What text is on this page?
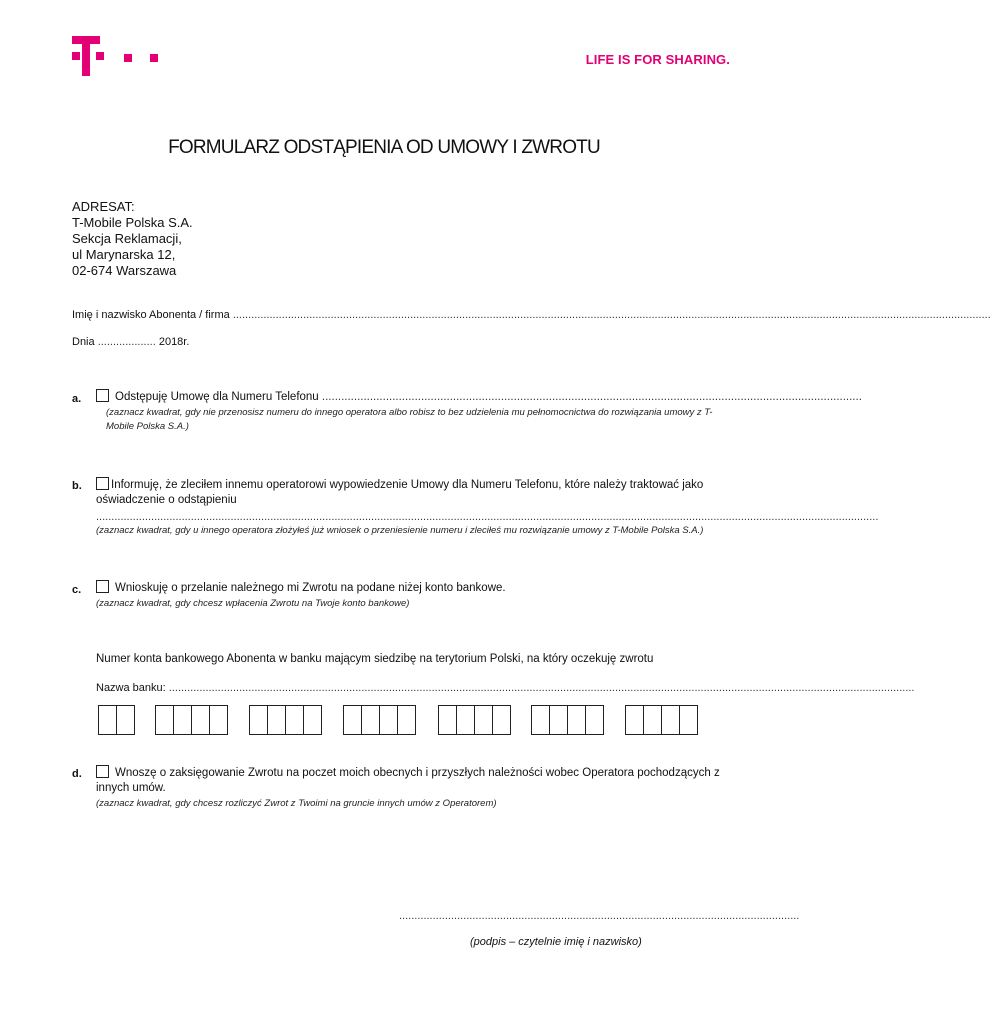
LIFE IS FOR SHARING.
FORMULARZ ODSTĄPIENIA OD UMOWY I ZWROTU
ADRESAT:
T-Mobile Polska S.A.
Sekcja Reklamacji,
ul Marynarska 12,
02-674 Warszawa
Imię i nazwisko Abonenta / firma ........................................................................................................................................................................................................................................................
Dnia ................... 2018r.
a.	Odstępuję Umowę dla Numeru Telefonu .........................................................................................................................................................................
(zaznacz kwadrat, gdy nie przenosisz numeru do innego operatora albo robisz to bez udzielenia mu pełnomocnictwa do rozwiązania umowy z T-Mobile Polska S.A.)
b.	Informuję, że zleciłem innemu operatorowi wypowiedzenie Umowy dla Numeru Telefonu, które należy traktować jako oświadczenie o odstąpieniu
................................................................................................................................................................................................................................................................
(zaznacz kwadrat, gdy u innego operatora złożyłeś już wniosek o przeniesienie numeru i zleciłeś mu rozwiązanie umowy z T-Mobile Polska S.A.)
c.	Wnioskuję o przelanie należnego mi Zwrotu na podane niżej konto bankowe.
(zaznacz kwadrat, gdy chcesz wpłacenia Zwrotu na Twoje konto bankowe)
Numer konta bankowego Abonenta w banku mającym siedzibę na terytorium Polski, na który oczekuję zwrotu
Nazwa banku: ....................................................................................................................................................................................................................................................
d.	Wnoszę o zaksięgowanie Zwrotu na poczet moich obecnych i przyszłych należności wobec Operatora pochodzących z innych umów.
(zaznacz kwadrat, gdy chcesz rozliczyć Zwrot z Twoimi na gruncie innych umów z Operatorem)
...................................................................................................................................
(podpis – czytelnie imię i nazwisko)
